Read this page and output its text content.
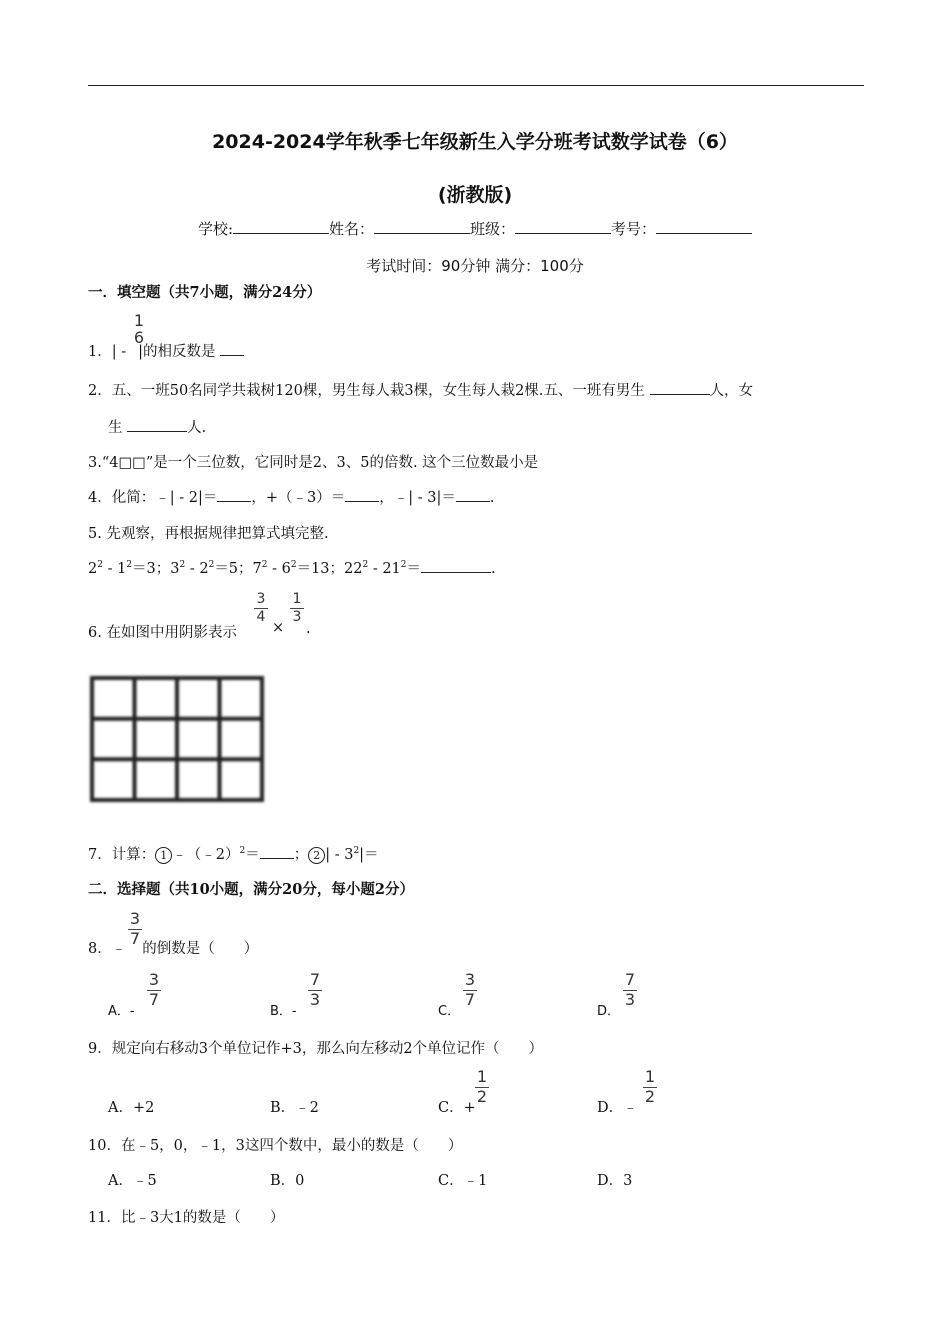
2024-2024学年秋季七年级新生入学分班考试数学试卷（6）
(浙教版)
学校:	姓名：	班级：	考号：
考试时间：90分钟 满分：100分
一．填空题（共7小题，满分24分）
1
6
1．| - |的相反数是
2．五、一班50名同学共栽树120棵，男生每人栽3棵，女生每人栽2棵.五、一班有男生	人，女
生	人.
3.“4□□”是一个三位数，它同时是2、3、5的倍数. 这个三位数最小是
4．化简：﹣| - 2|＝ ，+（﹣3）＝ ，﹣| - 3|＝ .
5. 先观察，再根据规律把算式填完整.
$2^2 - 1^2=3$；$3^2 - 2^2=5$；$7^2 - 6^2=13$；$22^2 - 21^2=$	.
6. 在如图中用阴影表示
3
4
×
1
3
.
7．计算： 1 ﹣（﹣2）$^2$＝ ； 2 | - $3^2|=$
二．选择题（共10小题，满分20分，每小题2分）
3
7
8．﹣ 的倒数是（　　）
A．-
3
7
B．-
7
3
C．
3
7
D．
7
3
9．规定向右移动3个单位记作+3，那么向左移动2个单位记作（　　）
A．+2	B．﹣2	C．+
1
2
D．﹣
1
2
10．在﹣5，0，﹣1，3这四个数中，最小的数是（　　）
A．﹣5	B．0	C．﹣1	D．3
11．比﹣3大1的数是（　　）
